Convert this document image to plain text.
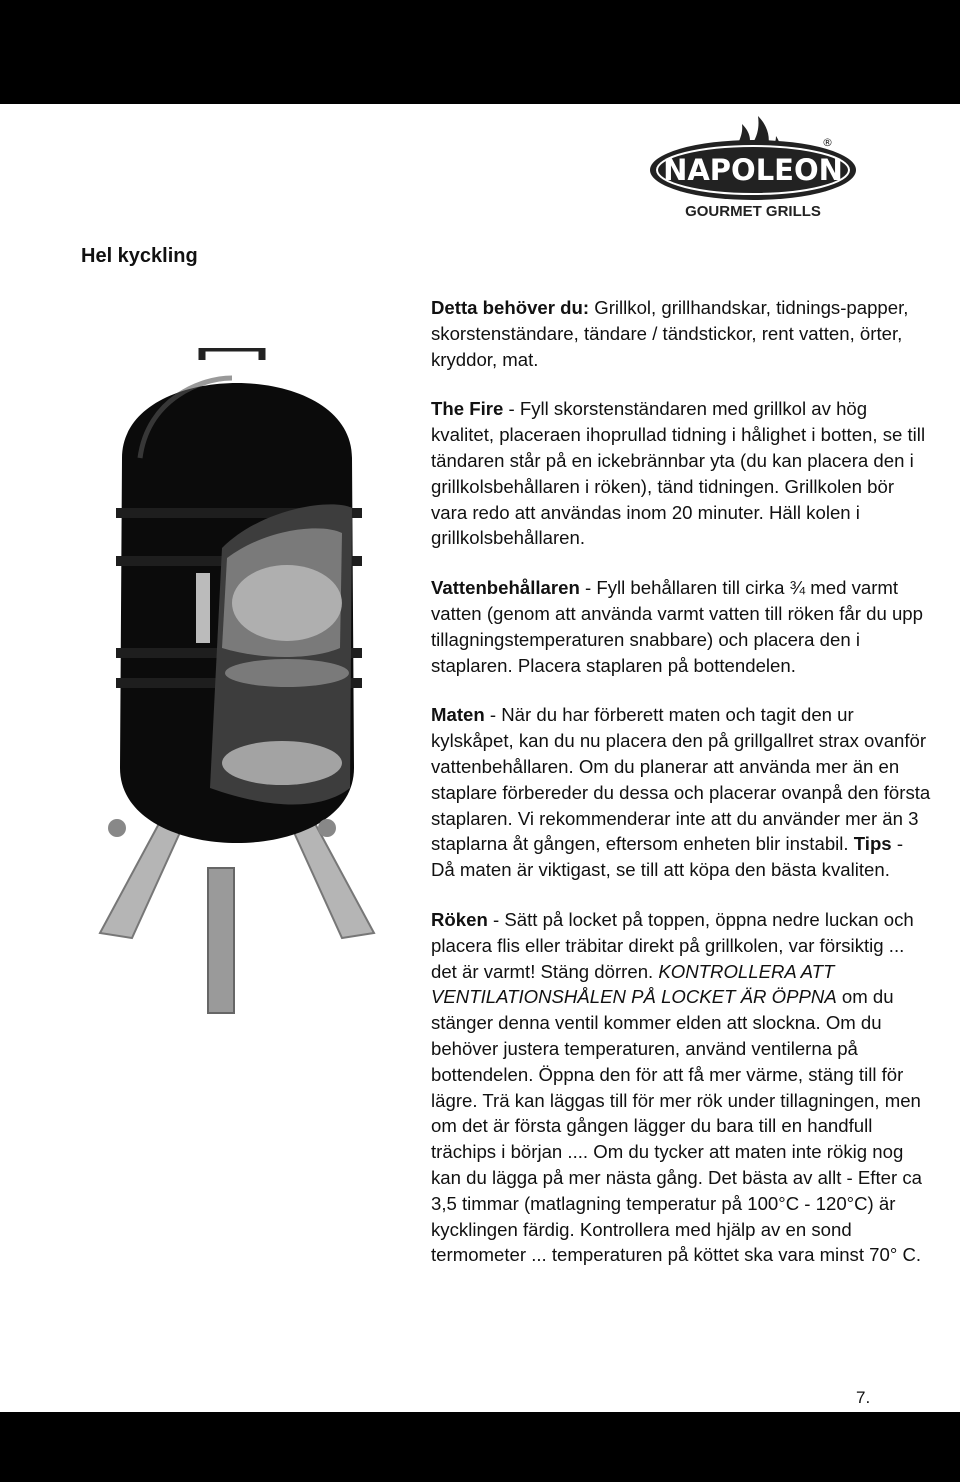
NAPOLEON
®
GOURMET GRILLS
Hel kyckling

Detta behöver du: Grillkol, grillhandskar, tidnings-papper, skorstenständare, tändare / tändstickor, rent vatten, örter, kryddor, mat.

The Fire - Fyll skorstenständaren med grillkol av hög kvalitet, placeraen ihoprullad tidning i hålighet i botten, se till tändaren står på en ickebrännbar yta (du kan placera den i grillkolsbehållaren i röken), tänd tidningen. Grillkolen bör vara redo att användas inom 20 minuter. Häll kolen i grillkolsbehållaren.

Vattenbehållaren - Fyll behållaren till cirka ¾ med varmt vatten (genom att använda varmt vatten till röken får du upp tillagningstemperaturen snabbare) och placera den i staplaren. Placera staplaren på bottendelen.

Maten - När du har förberett maten och tagit den ur kylskåpet, kan du nu placera den på grillgallret strax ovanför vattenbehållaren. Om du planerar att använda mer än en staplare förbereder du dessa och placerar ovanpå den första staplaren. Vi rekommenderar inte att du använder mer än 3 staplarna åt gången, eftersom enheten blir instabil. Tips - Då maten är viktigast, se till att köpa den bästa kvaliten.

Röken - Sätt på locket på toppen, öppna nedre luckan och placera flis eller träbitar direkt på grillkolen, var försiktig ... det är varmt! Stäng dörren. KONTROLLERA ATT VENTILATIONSHÅLEN PÅ LOCKET ÄR ÖPPNA om du stänger denna ventil kommer elden att slockna. Om du behöver justera temperaturen, använd ventilerna på bottendelen. Öppna den för att få mer värme, stäng till för lägre. Trä kan läggas till för mer rök under tillagningen, men om det är första gången lägger du bara till en handfull trächips i början .... Om du tycker att maten inte rökig nog kan du lägga på mer nästa gång. Det bästa av allt - Efter ca 3,5 timmar (matlagning temperatur på 100°C - 120°C) är kycklingen färdig. Kontrollera med hjälp av en sond termometer ... temperaturen på köttet ska vara minst 70° C.

7.
